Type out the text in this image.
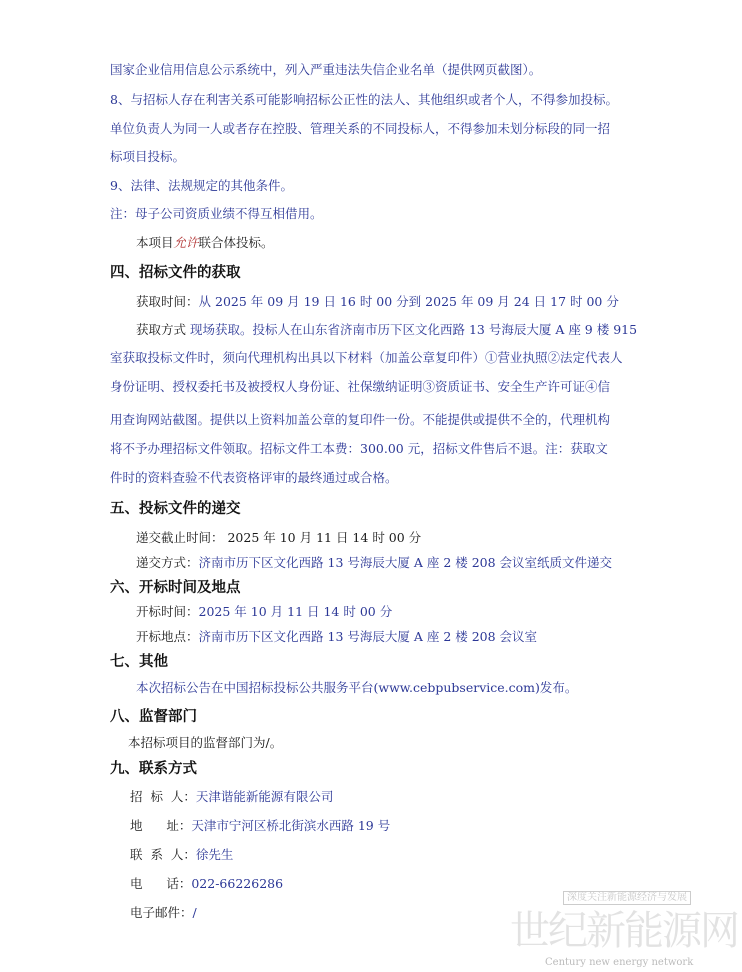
国家企业信用信息公示系统中，列入严重违法失信企业名单（提供网页截图）。
8、与招标人存在利害关系可能影响招标公正性的法人、其他组织或者个人，不得参加投标。
单位负责人为同一人或者存在控股、管理关系的不同投标人，不得参加未划分标段的同一招
标项目投标。
9、法律、法规规定的其他条件。
注：母子公司资质业绩不得互相借用。
本项目允许联合体投标。
四、招标文件的获取
获取时间：从 2025 年 09 月 19 日 16 时 00 分到 2025 年 09 月 24 日 17 时 00 分
获取方式 现场获取。投标人在山东省济南市历下区文化西路 13 号海辰大厦 A 座 9 楼 915
室获取投标文件时，须向代理机构出具以下材料（加盖公章复印件）①营业执照②法定代表人
身份证明、授权委托书及被授权人身份证、社保缴纳证明③资质证书、安全生产许可证④信
用查询网站截图。提供以上资料加盖公章的复印件一份。不能提供或提供不全的，代理机构
将不予办理招标文件领取。招标文件工本费：300.00 元，招标文件售后不退。注：获取文
件时的资料查验不代表资格评审的最终通过或合格。
五、投标文件的递交
递交截止时间： 2025 年 10 月 11 日 14 时 00 分
递交方式：济南市历下区文化西路 13 号海辰大厦 A 座 2 楼 208 会议室纸质文件递交
六、开标时间及地点
开标时间：2025 年 10 月 11 日 14 时 00 分
开标地点：济南市历下区文化西路 13 号海辰大厦 A 座 2 楼 208 会议室
七、其他
本次招标公告在中国招标投标公共服务平台(www.cebpubservice.com)发布。
八、监督部门
本招标项目的监督部门为/。
九、联系方式
招  标  人：天津谐能新能源有限公司
地      址：天津市宁河区桥北街滨水西路 19 号
联  系  人：徐先生
电      话：022-66226286
电子邮件：/
深度关注新能源经济与发展
世纪新能源网
Century new energy network
